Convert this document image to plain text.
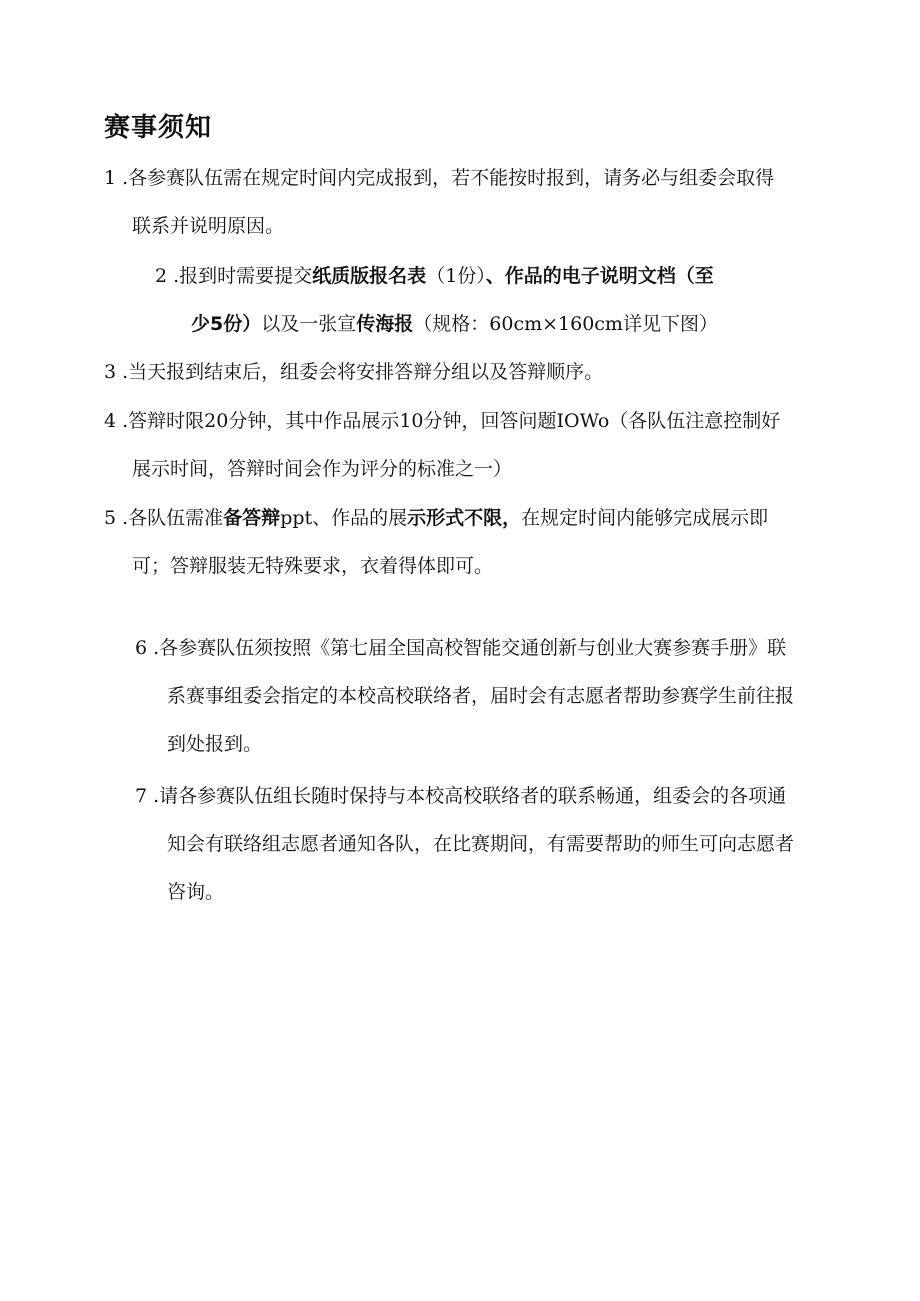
赛事须知
1 .各参赛队伍需在规定时间内完成报到，若不能按时报到，请务必与组委会取得
联系并说明原因。
2 .报到时需要提交纸质版报名表（1份）、作品的电子说明文档（至
少5份）以及一张宣传海报（规格：60cm×160cm详见下图）
3 .当天报到结束后，组委会将安排答辩分组以及答辩顺序。
4 .答辩时限20分钟，其中作品展示10分钟，回答问题IOWo（各队伍注意控制好
展示时间，答辩时间会作为评分的标准之一）
5 .各队伍需准备答辩ppt、作品的展示形式不限，在规定时间内能够完成展示即
可；答辩服装无特殊要求，衣着得体即可。
6 .各参赛队伍须按照《第七届全国高校智能交通创新与创业大赛参赛手册》联
系赛事组委会指定的本校高校联络者，届时会有志愿者帮助参赛学生前往报
到处报到。
7 .请各参赛队伍组长随时保持与本校高校联络者的联系畅通，组委会的各项通
知会有联络组志愿者通知各队，在比赛期间，有需要帮助的师生可向志愿者
咨询。
